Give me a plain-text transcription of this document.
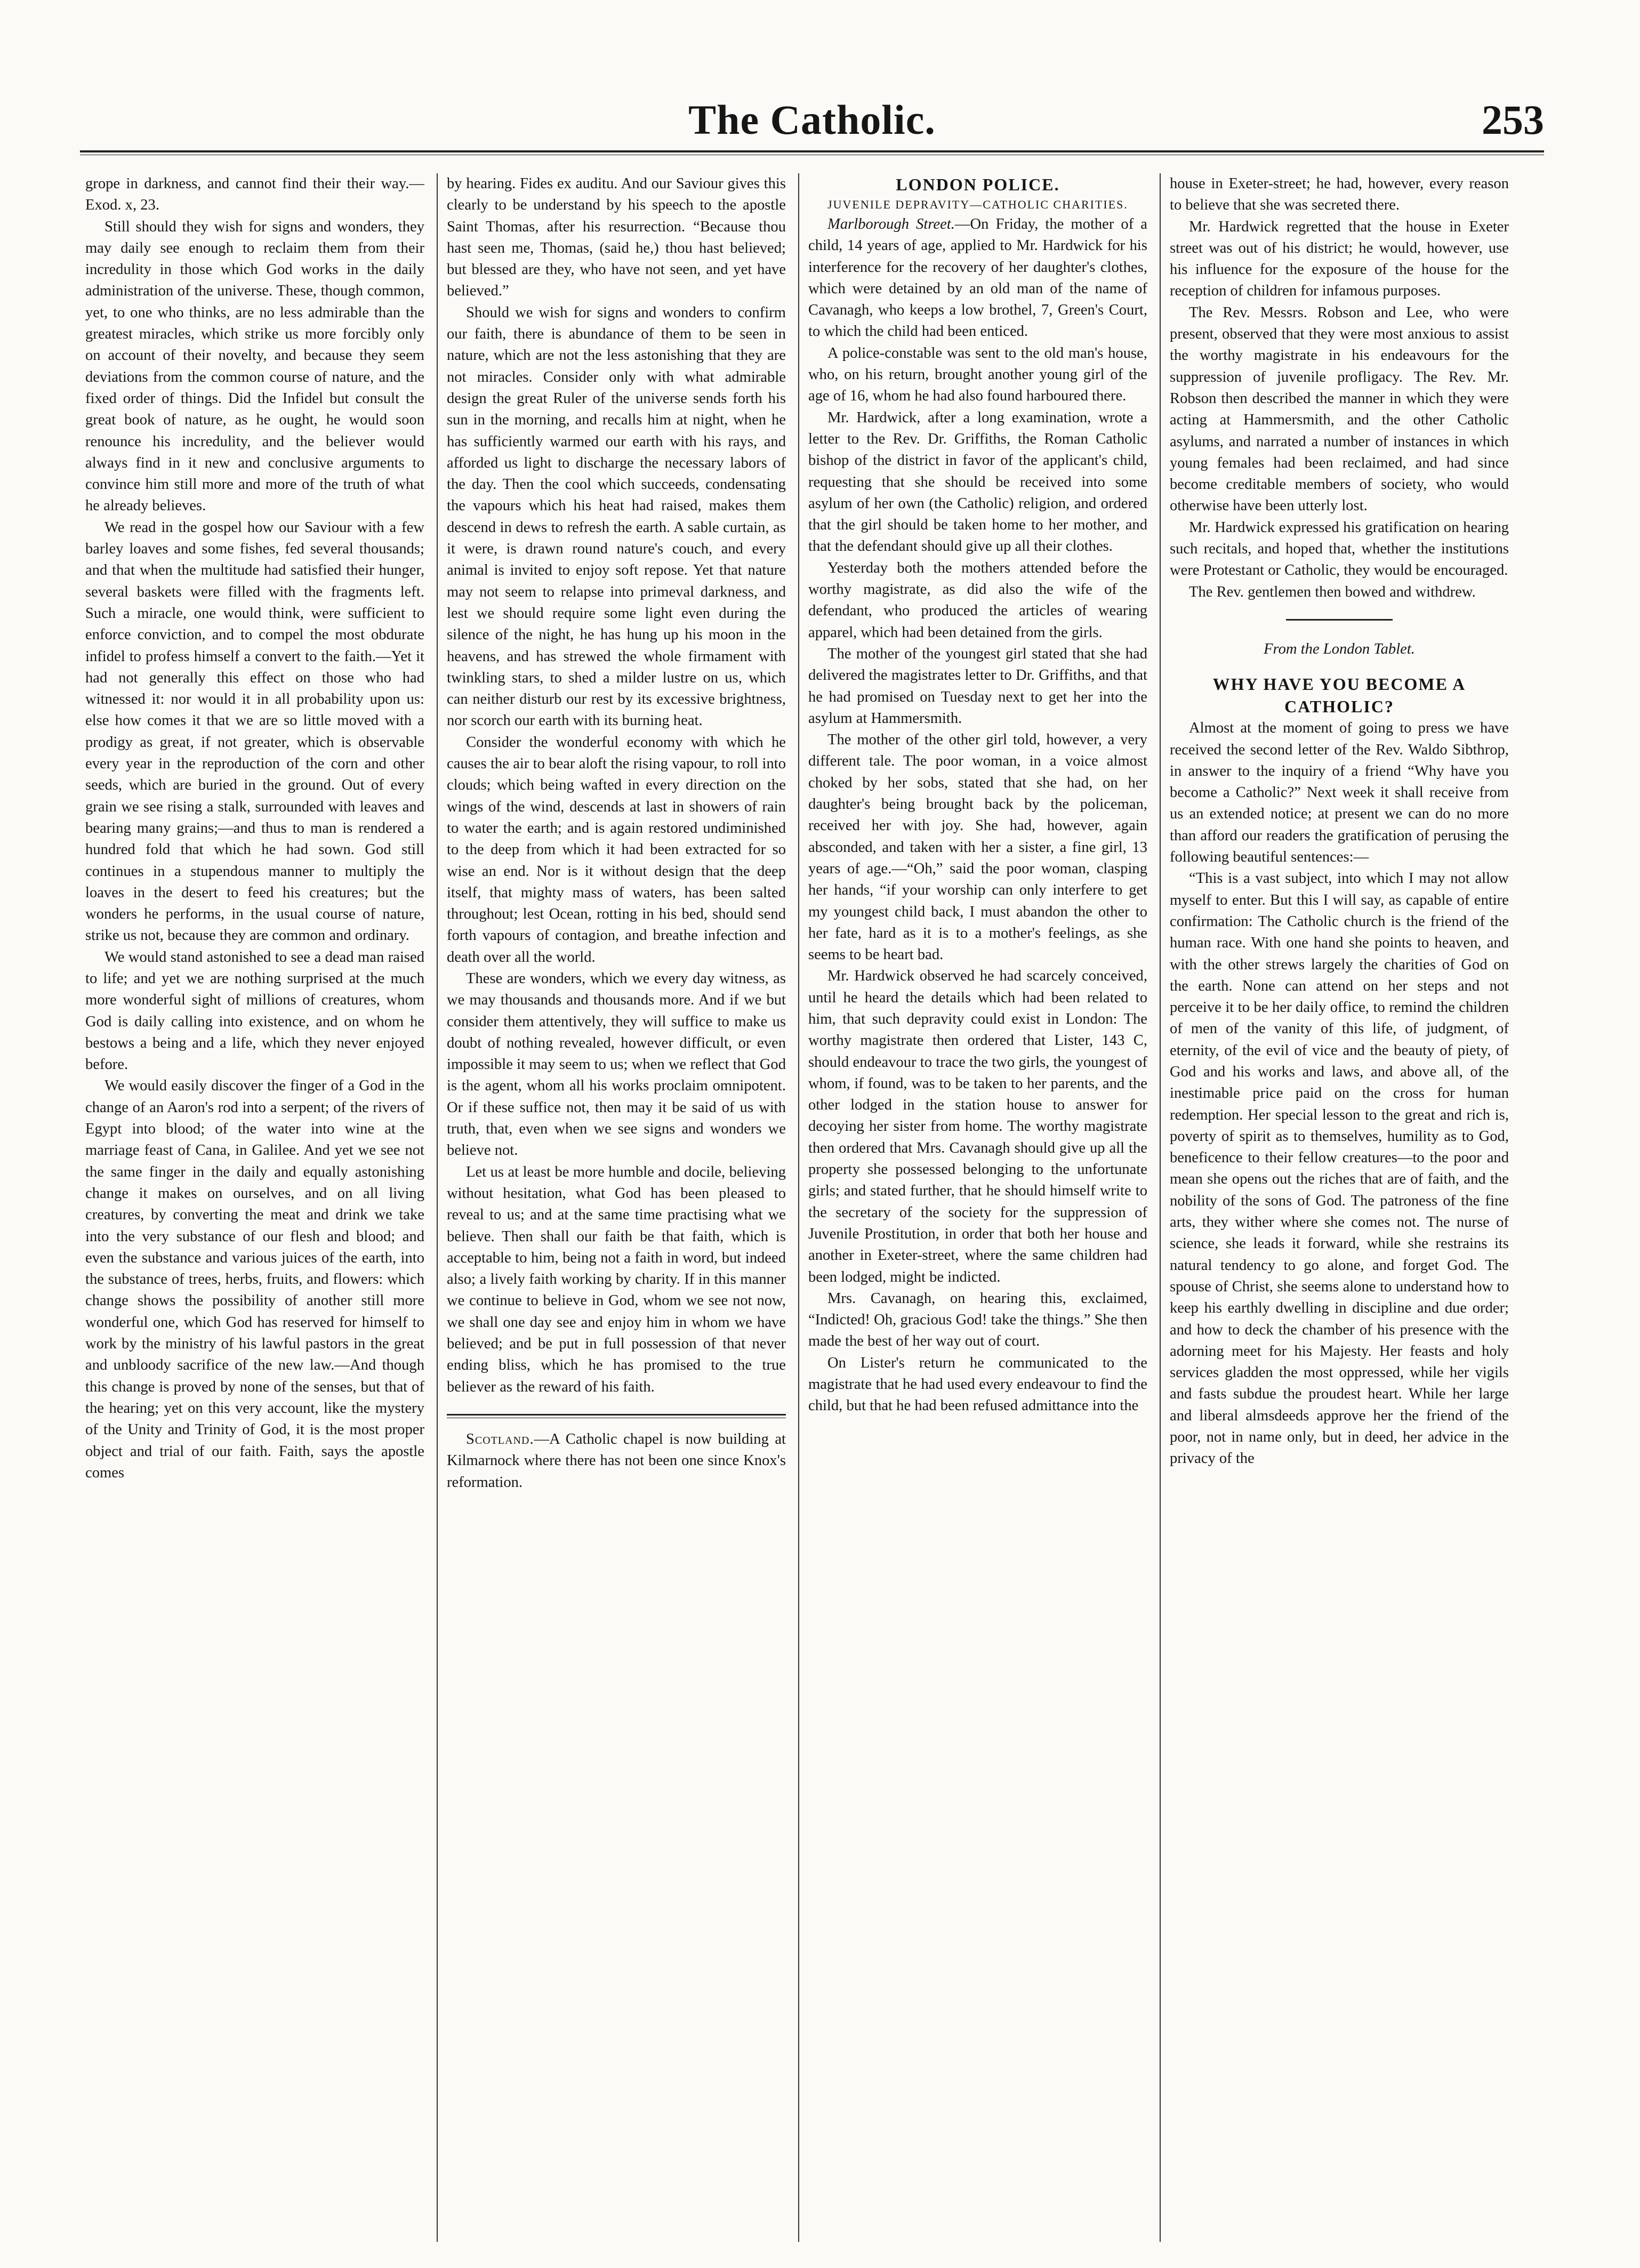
The Catholic.	253

grope in darkness, and cannot find their their way.—Exod. x, 23.

Still should they wish for signs and wonders, they may daily see enough to reclaim them from their incredulity in those which God works in the daily administration of the universe. These, though common, yet, to one who thinks, are no less admirable than the greatest miracles, which strike us more forcibly only on account of their novelty, and because they seem deviations from the common course of nature, and the fixed order of things. Did the Infidel but consult the great book of nature, as he ought, he would soon renounce his incredulity, and the believer would always find in it new and conclusive arguments to convince him still more and more of the truth of what he already believes.

We read in the gospel how our Saviour with a few barley loaves and some fishes, fed several thousands; and that when the multitude had satisfied their hunger, several baskets were filled with the fragments left. Such a miracle, one would think, were sufficient to enforce conviction, and to compel the most obdurate infidel to profess himself a convert to the faith.—Yet it had not generally this effect on those who had witnessed it: nor would it in all probability upon us: else how comes it that we are so little moved with a prodigy as great, if not greater, which is observable every year in the reproduction of the corn and other seeds, which are buried in the ground. Out of every grain we see rising a stalk, surrounded with leaves and bearing many grains;—and thus to man is rendered a hundred fold that which he had sown. God still continues in a stupendous manner to multiply the loaves in the desert to feed his creatures; but the wonders he performs, in the usual course of nature, strike us not, because they are common and ordinary.

We would stand astonished to see a dead man raised to life; and yet we are nothing surprised at the much more wonderful sight of millions of creatures, whom God is daily calling into existence, and on whom he bestows a being and a life, which they never enjoyed before.

We would easily discover the finger of a God in the change of an Aaron's rod into a serpent; of the rivers of Egypt into blood; of the water into wine at the marriage feast of Cana, in Galilee. And yet we see not the same finger in the daily and equally astonishing change it makes on ourselves, and on all living creatures, by converting the meat and drink we take into the very substance of our flesh and blood; and even the substance and various juices of the earth, into the substance of trees, herbs, fruits, and flowers: which change shows the possibility of another still more wonderful one, which God has reserved for himself to work by the ministry of his lawful pastors in the great and unbloody sacrifice of the new law.—And though this change is proved by none of the senses, but that of the hearing; yet on this very account, like the mystery of the Unity and Trinity of God, it is the most proper object and trial of our faith. Faith, says the apostle comes

by hearing. Fides ex auditu. And our Saviour gives this clearly to be understand by his speech to the apostle Saint Thomas, after his resurrection. “Because thou hast seen me, Thomas, (said he,) thou hast believed; but blessed are they, who have not seen, and yet have believed.”

Should we wish for signs and wonders to confirm our faith, there is abundance of them to be seen in nature, which are not the less astonishing that they are not miracles. Consider only with what admirable design the great Ruler of the universe sends forth his sun in the morning, and recalls him at night, when he has sufficiently warmed our earth with his rays, and afforded us light to discharge the necessary labors of the day. Then the cool which succeeds, condensating the vapours which his heat had raised, makes them descend in dews to refresh the earth. A sable curtain, as it were, is drawn round nature's couch, and every animal is invited to enjoy soft repose. Yet that nature may not seem to relapse into primeval darkness, and lest we should require some light even during the silence of the night, he has hung up his moon in the heavens, and has strewed the whole firmament with twinkling stars, to shed a milder lustre on us, which can neither disturb our rest by its excessive brightness, nor scorch our earth with its burning heat.

Consider the wonderful economy with which he causes the air to bear aloft the rising vapour, to roll into clouds; which being wafted in every direction on the wings of the wind, descends at last in showers of rain to water the earth; and is again restored undiminished to the deep from which it had been extracted for so wise an end. Nor is it without design that the deep itself, that mighty mass of waters, has been salted throughout; lest Ocean, rotting in his bed, should send forth vapours of contagion, and breathe infection and death over all the world.

These are wonders, which we every day witness, as we may thousands and thousands more. And if we but consider them attentively, they will suffice to make us doubt of nothing revealed, however difficult, or even impossible it may seem to us; when we reflect that God is the agent, whom all his works proclaim omnipotent. Or if these suffice not, then may it be said of us with truth, that, even when we see signs and wonders we believe not.

Let us at least be more humble and docile, believing without hesitation, what God has been pleased to reveal to us; and at the same time practising what we believe. Then shall our faith be that faith, which is acceptable to him, being not a faith in word, but indeed also; a lively faith working by charity. If in this manner we continue to believe in God, whom we see not now, we shall one day see and enjoy him in whom we have believed; and be put in full possession of that never ending bliss, which he has promised to the true believer as the reward of his faith.

Scotland.—A Catholic chapel is now building at Kilmarnock where there has not been one since Knox's reformation.

LONDON POLICE.

JUVENILE DEPRAVITY—CATHOLIC CHARITIES.

Marlborough Street.—On Friday, the mother of a child, 14 years of age, applied to Mr. Hardwick for his interference for the recovery of her daughter's clothes, which were detained by an old man of the name of Cavanagh, who keeps a low brothel, 7, Green's Court, to which the child had been enticed.

A police-constable was sent to the old man's house, who, on his return, brought another young girl of the age of 16, whom he had also found harboured there.

Mr. Hardwick, after a long examination, wrote a letter to the Rev. Dr. Griffiths, the Roman Catholic bishop of the district in favor of the applicant's child, requesting that she should be received into some asylum of her own (the Catholic) religion, and ordered that the girl should be taken home to her mother, and that the defendant should give up all their clothes.

Yesterday both the mothers attended before the worthy magistrate, as did also the wife of the defendant, who produced the articles of wearing apparel, which had been detained from the girls.

The mother of the youngest girl stated that she had delivered the magistrates letter to Dr. Griffiths, and that he had promised on Tuesday next to get her into the asylum at Hammersmith.

The mother of the other girl told, however, a very different tale. The poor woman, in a voice almost choked by her sobs, stated that she had, on her daughter's being brought back by the policeman, received her with joy. She had, however, again absconded, and taken with her a sister, a fine girl, 13 years of age.—“Oh,” said the poor woman, clasping her hands, “if your worship can only interfere to get my youngest child back, I must abandon the other to her fate, hard as it is to a mother's feelings, as she seems to be heart bad.

Mr. Hardwick observed he had scarcely conceived, until he heard the details which had been related to him, that such depravity could exist in London: The worthy magistrate then ordered that Lister, 143 C, should endeavour to trace the two girls, the youngest of whom, if found, was to be taken to her parents, and the other lodged in the station house to answer for decoying her sister from home. The worthy magistrate then ordered that Mrs. Cavanagh should give up all the property she possessed belonging to the unfortunate girls; and stated further, that he should himself write to the secretary of the society for the suppression of Juvenile Prostitution, in order that both her house and another in Exeter-street, where the same children had been lodged, might be indicted.

Mrs. Cavanagh, on hearing this, exclaimed, “Indicted! Oh, gracious God! take the things.” She then made the best of her way out of court.

On Lister's return he communicated to the magistrate that he had used every endeavour to find the child, but that he had been refused admittance into the

house in Exeter-street; he had, however, every reason to believe that she was secreted there.

Mr. Hardwick regretted that the house in Exeter street was out of his district; he would, however, use his influence for the exposure of the house for the reception of children for infamous purposes.

The Rev. Messrs. Robson and Lee, who were present, observed that they were most anxious to assist the worthy magistrate in his endeavours for the suppression of juvenile profligacy. The Rev. Mr. Robson then described the manner in which they were acting at Hammersmith, and the other Catholic asylums, and narrated a number of instances in which young females had been reclaimed, and had since become creditable members of society, who would otherwise have been utterly lost.

Mr. Hardwick expressed his gratification on hearing such recitals, and hoped that, whether the institutions were Protestant or Catholic, they would be encouraged.

The Rev. gentlemen then bowed and withdrew.

From the London Tablet.

WHY HAVE YOU BECOME A CATHOLIC?

Almost at the moment of going to press we have received the second letter of the Rev. Waldo Sibthrop, in answer to the inquiry of a friend “Why have you become a Catholic?” Next week it shall receive from us an extended notice; at present we can do no more than afford our readers the gratification of perusing the following beautiful sentences:—

“This is a vast subject, into which I may not allow myself to enter. But this I will say, as capable of entire confirmation: The Catholic church is the friend of the human race. With one hand she points to heaven, and with the other strews largely the charities of God on the earth. None can attend on her steps and not perceive it to be her daily office, to remind the children of men of the vanity of this life, of judgment, of eternity, of the evil of vice and the beauty of piety, of God and his works and laws, and above all, of the inestimable price paid on the cross for human redemption. Her special lesson to the great and rich is, poverty of spirit as to themselves, humility as to God, beneficence to their fellow creatures—to the poor and mean she opens out the riches that are of faith, and the nobility of the sons of God. The patroness of the fine arts, they wither where she comes not. The nurse of science, she leads it forward, while she restrains its natural tendency to go alone, and forget God. The spouse of Christ, she seems alone to understand how to keep his earthly dwelling in discipline and due order; and how to deck the chamber of his presence with the adorning meet for his Majesty. Her feasts and holy services gladden the most oppressed, while her vigils and fasts subdue the proudest heart. While her large and liberal almsdeeds approve her the friend of the poor, not in name only, but in deed, her advice in the privacy of the
